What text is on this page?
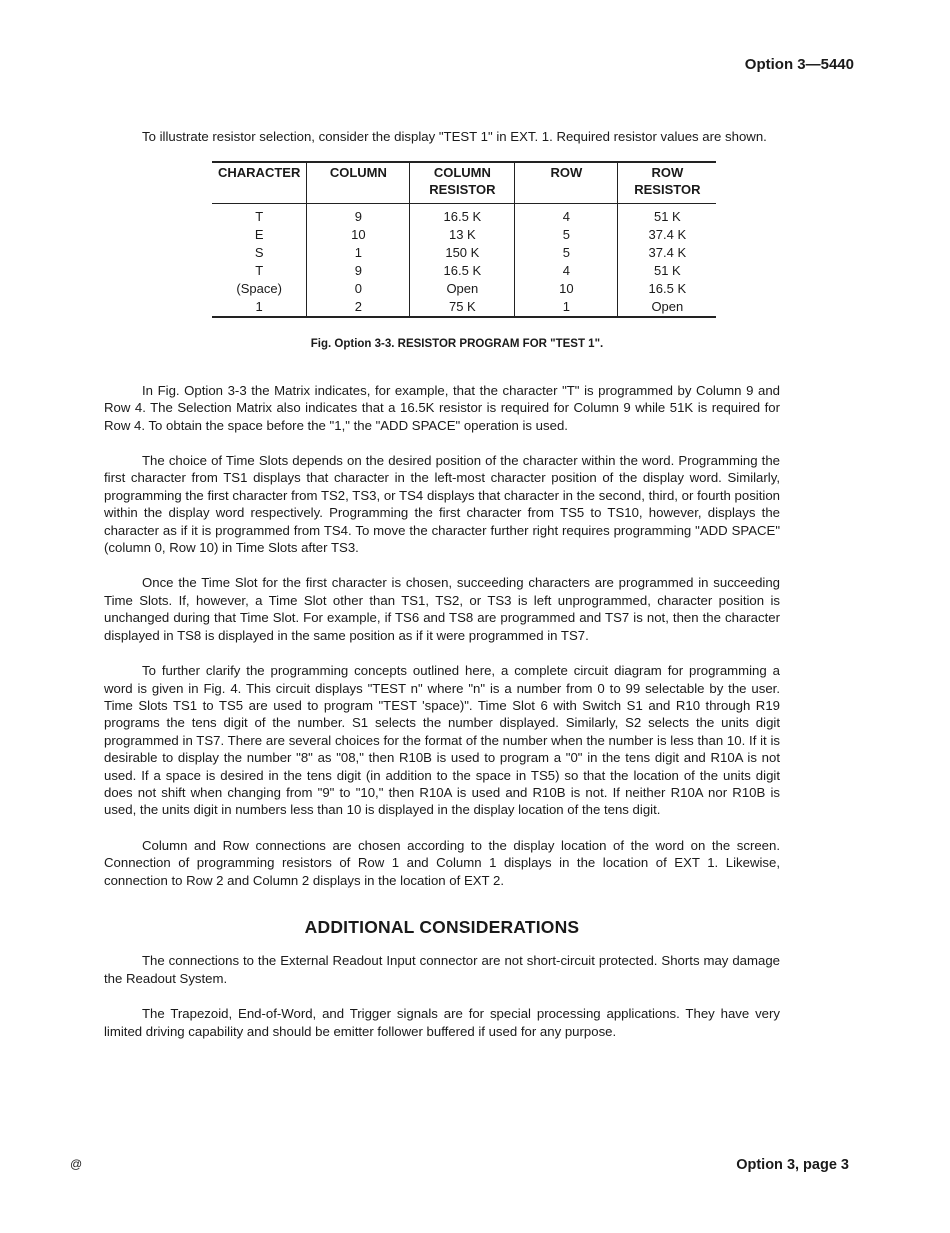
Option 3—5440

To illustrate resistor selection, consider the display "TEST 1" in EXT. 1. Required resistor values are shown.

CHARACTER	COLUMN	COLUMN RESISTOR	ROW	ROW RESISTOR
T	9	16.5 K	4	51 K
E	10	13 K	5	37.4 K
S	1	150 K	5	37.4 K
T	9	16.5 K	4	51 K
(Space)	0	Open	10	16.5 K
1	2	75 K	1	Open
Fig. Option 3-3. RESISTOR PROGRAM FOR "TEST 1".

In Fig. Option 3-3 the Matrix indicates, for example, that the character "T" is programmed by Column 9 and Row 4. The Selection Matrix also indicates that a 16.5K resistor is required for Column 9 while 51K is required for Row 4. To obtain the space before the "1," the "ADD SPACE" operation is used.

The choice of Time Slots depends on the desired position of the character within the word. Programming the first character from TS1 displays that character in the left-most character position of the display word. Similarly, programming the first character from TS2, TS3, or TS4 displays that character in the second, third, or fourth position within the display word respectively. Programming the first character from TS5 to TS10, however, displays the character as if it is programmed from TS4. To move the character further right requires programming "ADD SPACE" (column 0, Row 10) in Time Slots after TS3.

Once the Time Slot for the first character is chosen, succeeding characters are programmed in succeeding Time Slots. If, however, a Time Slot other than TS1, TS2, or TS3 is left unprogrammed, character position is unchanged during that Time Slot. For example, if TS6 and TS8 are programmed and TS7 is not, then the character displayed in TS8 is displayed in the same position as if it were programmed in TS7.

To further clarify the programming concepts outlined here, a complete circuit diagram for programming a word is given in Fig. 4. This circuit displays "TEST n" where "n" is a number from 0 to 99 selectable by the user. Time Slots TS1 to TS5 are used to program "TEST 'space)". Time Slot 6 with Switch S1 and R10 through R19 programs the tens digit of the number. S1 selects the number displayed. Similarly, S2 selects the units digit programmed in TS7. There are several choices for the format of the number when the number is less than 10. If it is desirable to display the number "8" as "08," then R10B is used to program a "0" in the tens digit and R10A is not used. If a space is desired in the tens digit (in addition to the space in TS5) so that the location of the units digit does not shift when changing from "9" to "10," then R10A is used and R10B is not. If neither R10A nor R10B is used, the units digit in numbers less than 10 is displayed in the display location of the tens digit.

Column and Row connections are chosen according to the display location of the word on the screen. Connection of programming resistors of Row 1 and Column 1 displays in the location of EXT 1. Likewise, connection to Row 2 and Column 2 displays in the location of EXT 2.

ADDITIONAL CONSIDERATIONS

The connections to the External Readout Input connector are not short-circuit protected. Shorts may damage the Readout System.

The Trapezoid, End-of-Word, and Trigger signals are for special processing applications. They have very limited driving capability and should be emitter follower buffered if used for any purpose.

@	Option 3, page 3
